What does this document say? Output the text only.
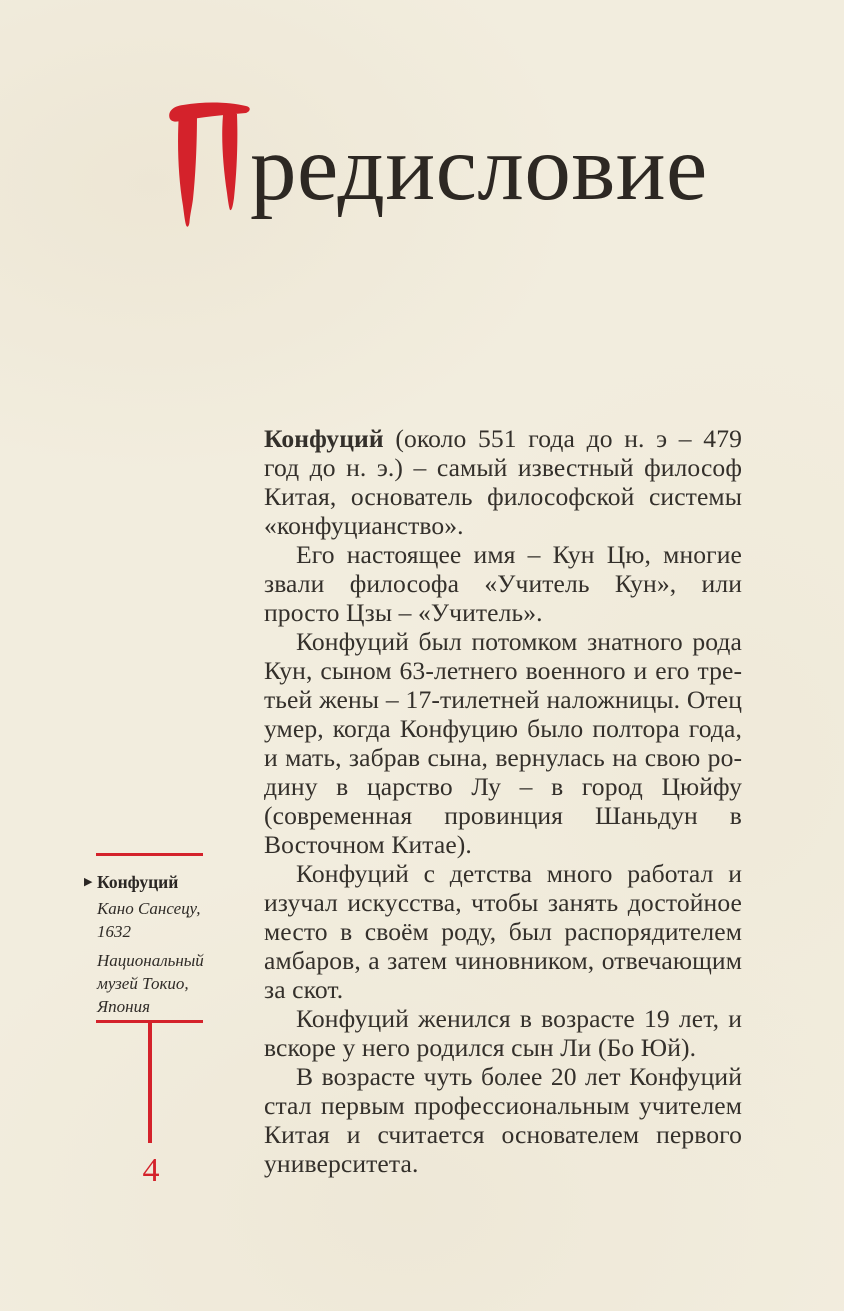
редисловие
▶ Конфуций
Кано Сансецу, 1632
Национальный музей Токио, Япония

Конфуций (около 551 года до н. э – 479 год до н. э.) – самый известный философ Китая, основатель философской системы «конфуцианство».

Его настоящее имя – Кун Цю, многие звали философа «Учитель Кун», или просто Цзы – «Учитель».

Конфуций был потомком знатного рода Кун, сыном 63-летнего военного и его третьей жены – 17-тилетней наложницы. Отец умер, когда Конфуцию было полтора года, и мать, забрав сына, вернулась на свою родину в царство Лу – в город Цюйфу (современная провинция Шаньдун в Восточном Китае).

Конфуций с детства много работал и изучал искусства, чтобы занять достойное место в своём роду, был распорядителем амбаров, а затем чиновником, отвечающим за скот.

Конфуций женился в возрасте 19 лет, и вскоре у него родился сын Ли (Бо Юй).

В возрасте чуть более 20 лет Конфуций стал первым профессиональным учителем Китая и считается основателем первого университета.

4
